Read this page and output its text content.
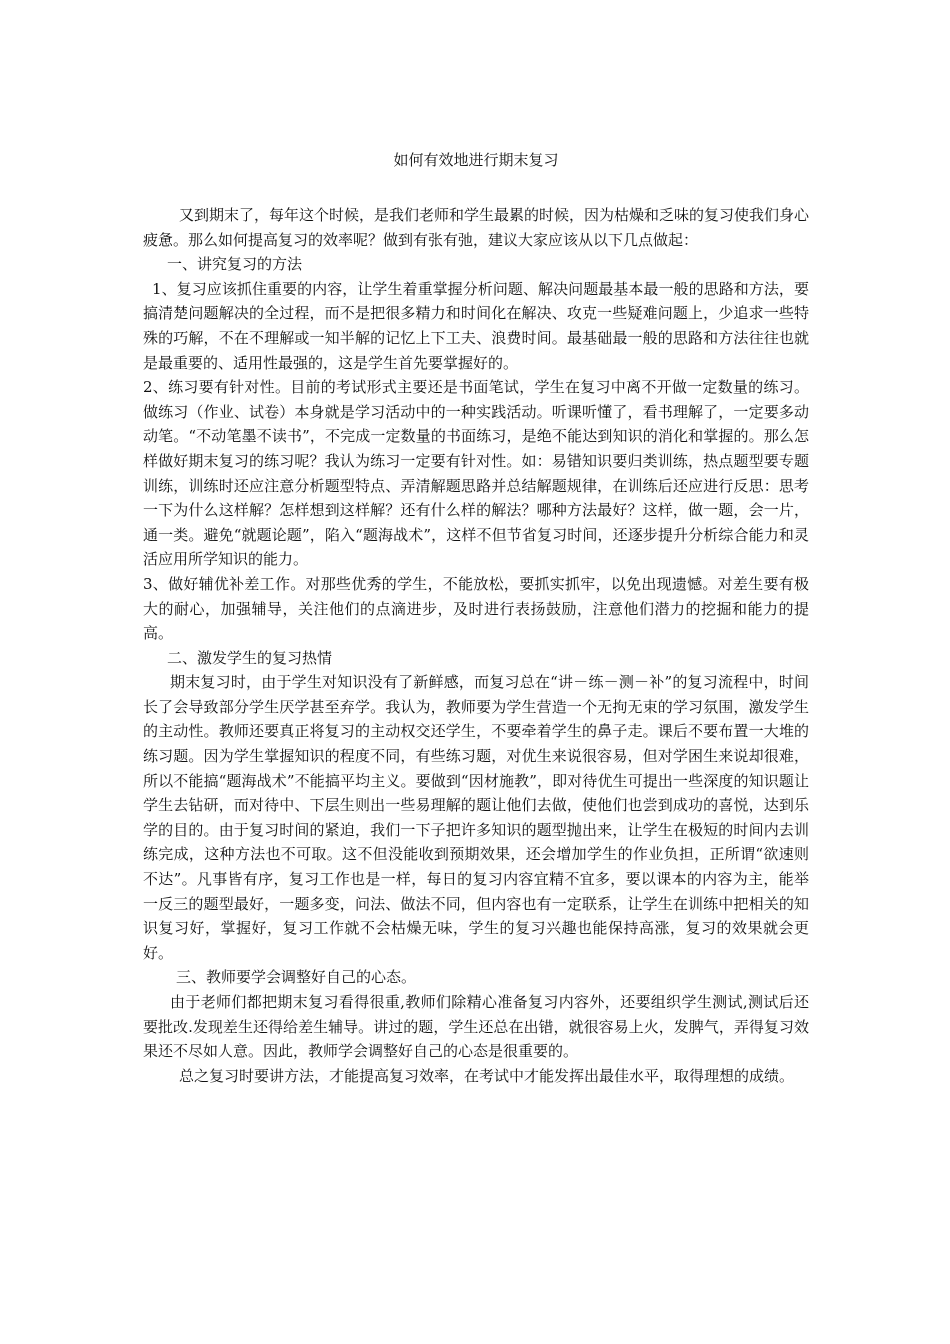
如何有效地进行期末复习

又到期末了，每年这个时候，是我们老师和学生最累的时候，因为枯燥和乏味的复习使我们身心疲惫。那么如何提高复习的效率呢？做到有张有弛，建议大家应该从以下几点做起：

一、讲究复习的方法

1、复习应该抓住重要的内容，让学生着重掌握分析问题、解决问题最基本最一般的思路和方法，要搞清楚问题解决的全过程，而不是把很多精力和时间化在解决、攻克一些疑难问题上，少追求一些特殊的巧解，不在不理解或一知半解的记忆上下工夫、浪费时间。最基础最一般的思路和方法往往也就是最重要的、适用性最强的，这是学生首先要掌握好的。

2、练习要有针对性。目前的考试形式主要还是书面笔试，学生在复习中离不开做一定数量的练习。做练习（作业、试卷）本身就是学习活动中的一种实践活动。听课听懂了，看书理解了，一定要多动动笔。“不动笔墨不读书”，不完成一定数量的书面练习，是绝不能达到知识的消化和掌握的。那么怎样做好期末复习的练习呢？我认为练习一定要有针对性。如：易错知识要归类训练，热点题型要专题训练，训练时还应注意分析题型特点、弄清解题思路并总结解题规律，在训练后还应进行反思：思考一下为什么这样解？怎样想到这样解？还有什么样的解法？哪种方法最好？这样，做一题，会一片，通一类。避免“就题论题”，陷入“题海战术”，这样不但节省复习时间，还逐步提升分析综合能力和灵活应用所学知识的能力。

3、做好辅优补差工作。对那些优秀的学生，不能放松，要抓实抓牢，以免出现遗憾。对差生要有极大的耐心，加强辅导，关注他们的点滴进步，及时进行表扬鼓励，注意他们潜力的挖掘和能力的提高。

二、激发学生的复习热情

期末复习时，由于学生对知识没有了新鲜感，而复习总在“讲－练－测－补”的复习流程中，时间长了会导致部分学生厌学甚至弃学。我认为，教师要为学生营造一个无拘无束的学习氛围，激发学生的主动性。教师还要真正将复习的主动权交还学生，不要牵着学生的鼻子走。课后不要布置一大堆的练习题。因为学生掌握知识的程度不同，有些练习题，对优生来说很容易，但对学困生来说却很难，所以不能搞“题海战术”不能搞平均主义。要做到“因材施教”，即对待优生可提出一些深度的知识题让学生去钻研，而对待中、下层生则出一些易理解的题让他们去做，使他们也尝到成功的喜悦，达到乐学的目的。由于复习时间的紧迫，我们一下子把许多知识的题型抛出来，让学生在极短的时间内去训练完成，这种方法也不可取。这不但没能收到预期效果，还会增加学生的作业负担，正所谓“欲速则不达”。凡事皆有序，复习工作也是一样，每日的复习内容宜精不宜多，要以课本的内容为主，能举一反三的题型最好，一题多变，问法、做法不同，但内容也有一定联系，让学生在训练中把相关的知识复习好，掌握好，复习工作就不会枯燥无味，学生的复习兴趣也能保持高涨，复习的效果就会更好。

三、教师要学会调整好自己的心态。

由于老师们都把期末复习看得很重,教师们除精心准备复习内容外，还要组织学生测试,测试后还要批改.发现差生还得给差生辅导。讲过的题，学生还总在出错，就很容易上火，发脾气，弄得复习效果还不尽如人意。因此，教师学会调整好自己的心态是很重要的。

总之复习时要讲方法，才能提高复习效率，在考试中才能发挥出最佳水平，取得理想的成绩。
